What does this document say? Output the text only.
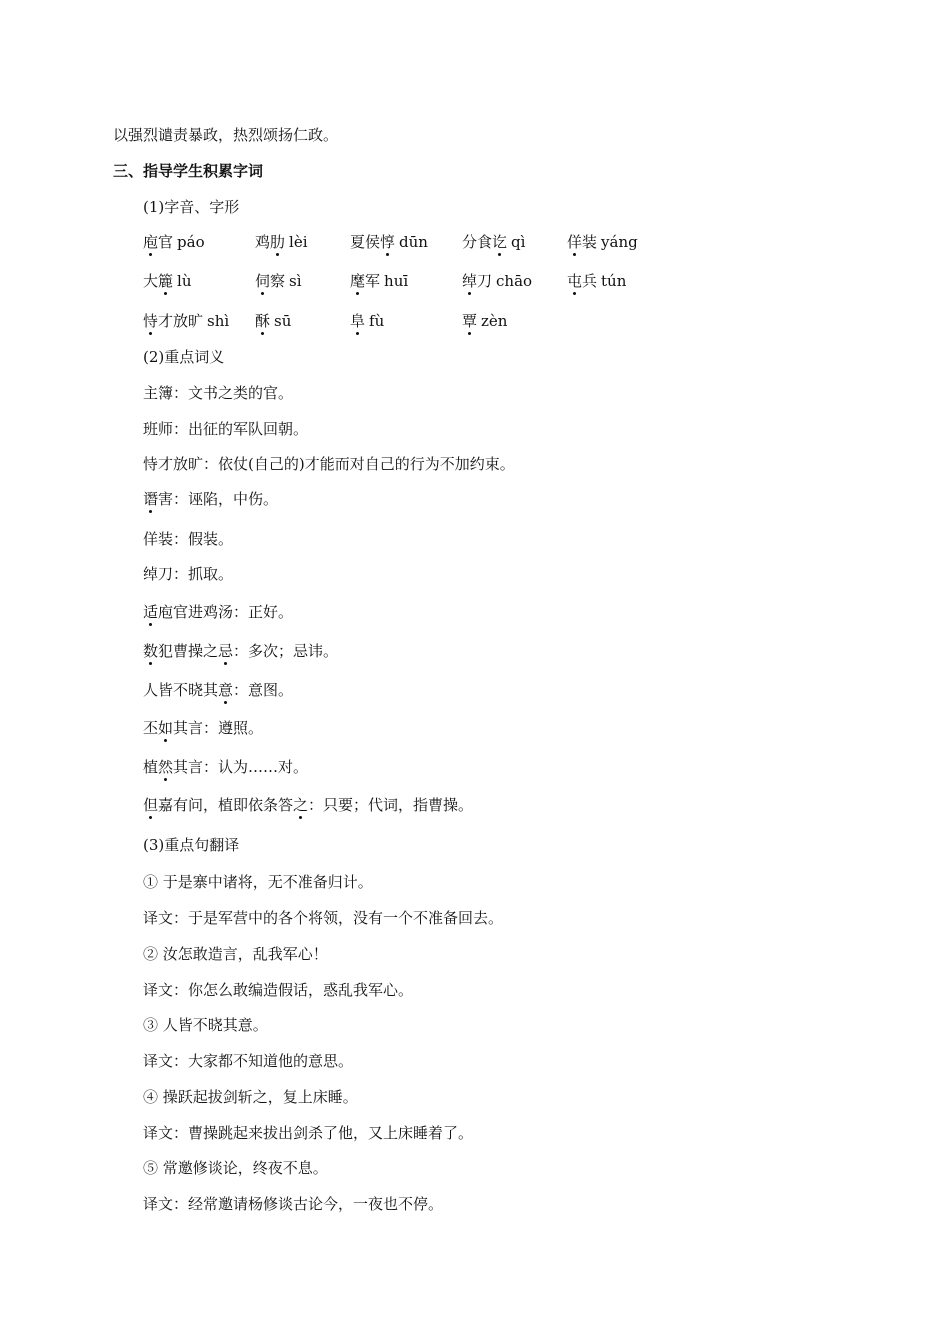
以强烈谴责暴政，热烈颂扬仁政。
三、指导学生积累字词
(1)字音、字形
庖官 páo	鸡肋 lèi	夏侯惇 dūn 分食讫 qì	佯装 yáng
大簏 lù	伺察 sì	麾军 huī	绰刀 chāo 屯兵 tún
恃才放旷 shì 酥 sū	阜 fù	覃 zèn
(2)重点词义
主簿：文书之类的官。
班师：出征的军队回朝。
恃才放旷：依仗(自己的)才能而对自己的行为不加约束。
谮害：诬陷，中伤。
佯装：假装。
绰刀：抓取。
适庖官进鸡汤：正好。
数犯曹操之忌：多次；忌讳。
人皆不晓其意：意图。
丕如其言：遵照。
植然其言：认为……对。
但嘉有问，植即依条答之：只要；代词，指曹操。
(3)重点句翻译
① 于是寨中诸将，无不准备归计。
译文：于是军营中的各个将领，没有一个不准备回去。
② 汝怎敢造言，乱我军心！
译文：你怎么敢编造假话，惑乱我军心。
③ 人皆不晓其意。
译文：大家都不知道他的意思。
④ 操跃起拔剑斩之，复上床睡。
译文：曹操跳起来拔出剑杀了他，又上床睡着了。
⑤ 常邀修谈论，终夜不息。
译文：经常邀请杨修谈古论今，一夜也不停。
